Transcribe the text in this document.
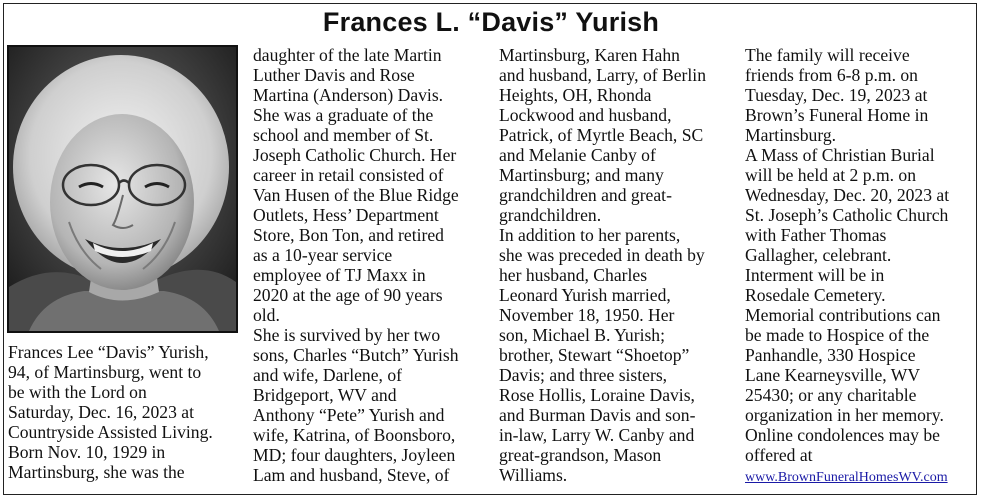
Frances L. “Davis” Yurish
Frances Lee “Davis” Yurish,
94, of Martinsburg, went to
be with the Lord on
Saturday, Dec. 16, 2023 at
Countryside Assisted Living.
Born Nov. 10, 1929 in
Martinsburg, she was the
daughter of the late Martin
Luther Davis and Rose
Martina (Anderson) Davis.
She was a graduate of the
school and member of St.
Joseph Catholic Church. Her
career in retail consisted of
Van Husen of the Blue Ridge
Outlets, Hess’ Department
Store, Bon Ton, and retired
as a 10-year service
employee of TJ Maxx in
2020 at the age of 90 years
old.
She is survived by her two
sons, Charles “Butch” Yurish
and wife, Darlene, of
Bridgeport, WV and
Anthony “Pete” Yurish and
wife, Katrina, of Boonsboro,
MD; four daughters, Joyleen
Lam and husband, Steve, of
Martinsburg, Karen Hahn
and husband, Larry, of Berlin
Heights, OH, Rhonda
Lockwood and husband,
Patrick, of Myrtle Beach, SC
and Melanie Canby of
Martinsburg; and many
grandchildren and great-
grandchildren.
In addition to her parents,
she was preceded in death by
her husband, Charles
Leonard Yurish married,
November 18, 1950. Her
son, Michael B. Yurish;
brother, Stewart “Shoetop”
Davis; and three sisters,
Rose Hollis, Loraine Davis,
and Burman Davis and son-
in-law, Larry W. Canby and
great-grandson, Mason
Williams.
The family will receive
friends from 6-8 p.m. on
Tuesday, Dec. 19, 2023 at
Brown’s Funeral Home in
Martinsburg.
A Mass of Christian Burial
will be held at 2 p.m. on
Wednesday, Dec. 20, 2023 at
St. Joseph’s Catholic Church
with Father Thomas
Gallagher, celebrant.
Interment will be in
Rosedale Cemetery.
Memorial contributions can
be made to Hospice of the
Panhandle, 330 Hospice
Lane Kearneysville, WV
25430; or any charitable
organization in her memory.
Online condolences may be
offered at
www.BrownFuneralHomesWV.com
